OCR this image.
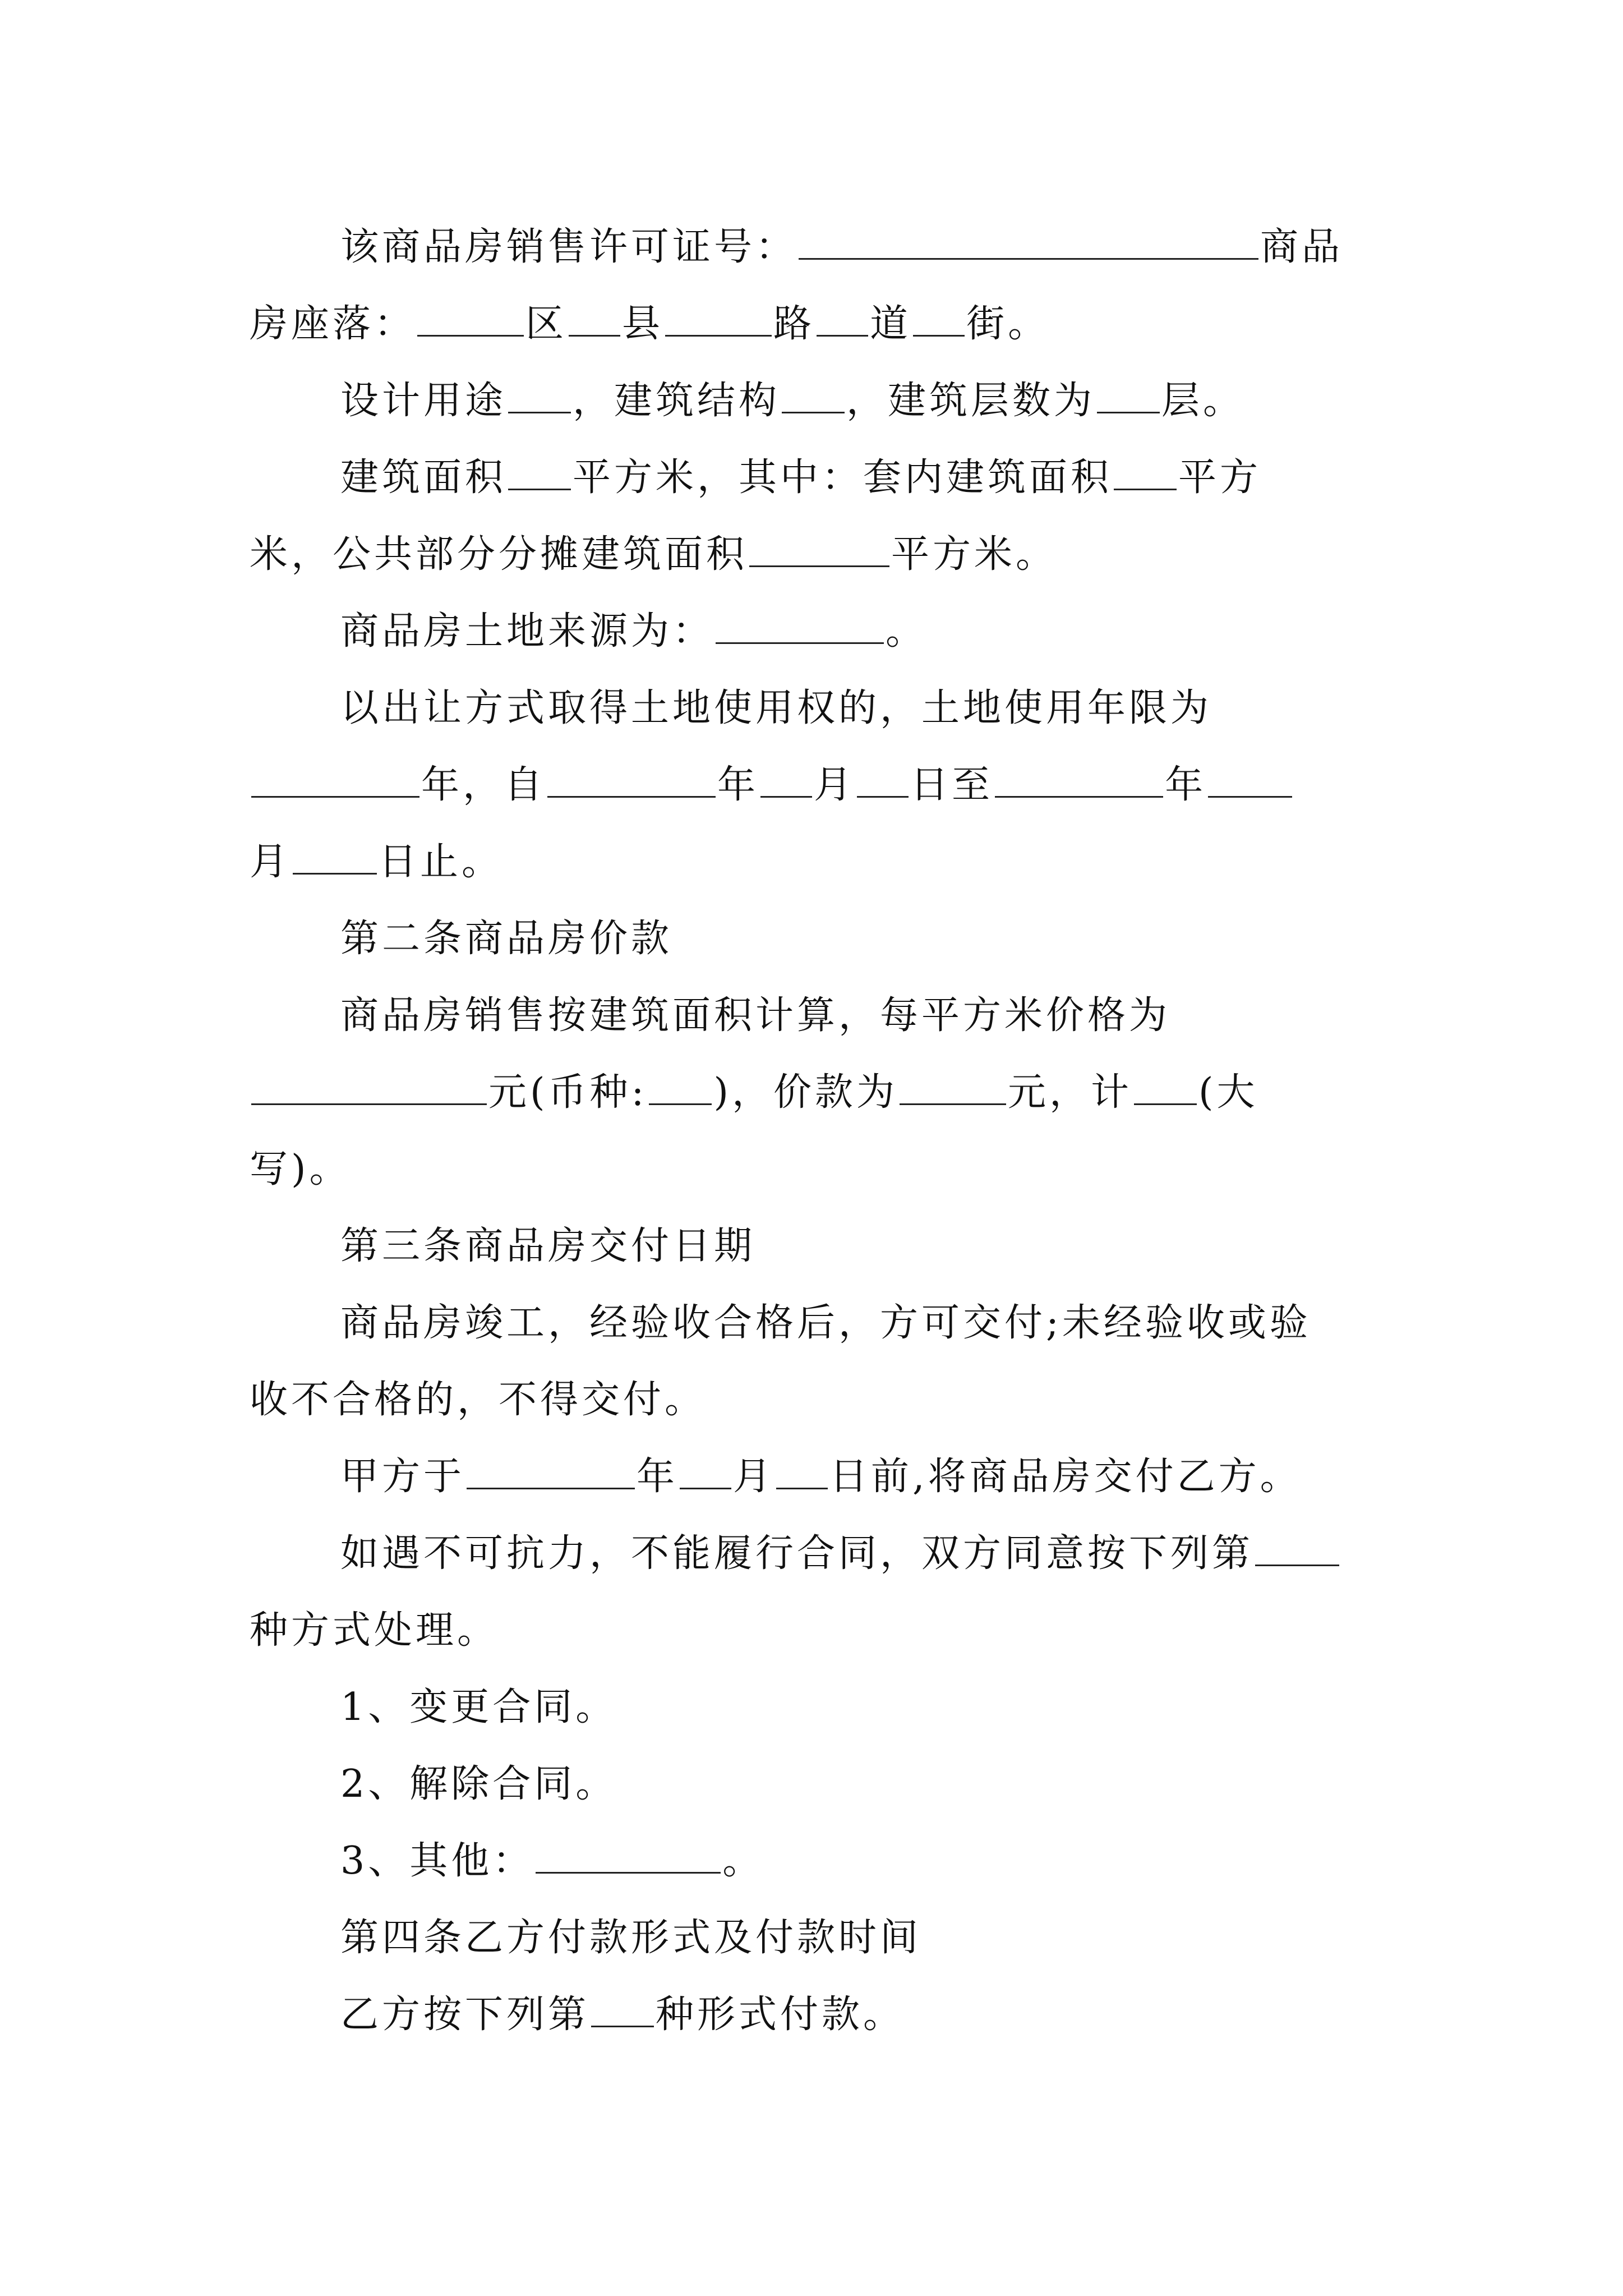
该商品房销售许可证号：	商品
房座落：	区 县	路 道 街。
设计用途 ，建筑结构 ，建筑层数为 层。
建筑面积 平方米，其中：套内建筑面积 平方
米，公共部分分摊建筑面积	平方米。
商品房土地来源为：	。
以出让方式取得土地使用权的，土地使用年限为
年，自	年 月 日至	年
月 日止。
第二条商品房价款
商品房销售按建筑面积计算，每平方米价格为
元(币种: )，价款为	元，计 (大
写)。
第三条商品房交付日期
商品房竣工，经验收合格后，方可交付;未经验收或验
收不合格的，不得交付。
甲方于	年 月 日前,将商品房交付乙方。
如遇不可抗力，不能履行合同，双方同意按下列第
种方式处理。
1、变更合同。
2、解除合同。
3、其他：	。
第四条乙方付款形式及付款时间
乙方按下列第 种形式付款。
